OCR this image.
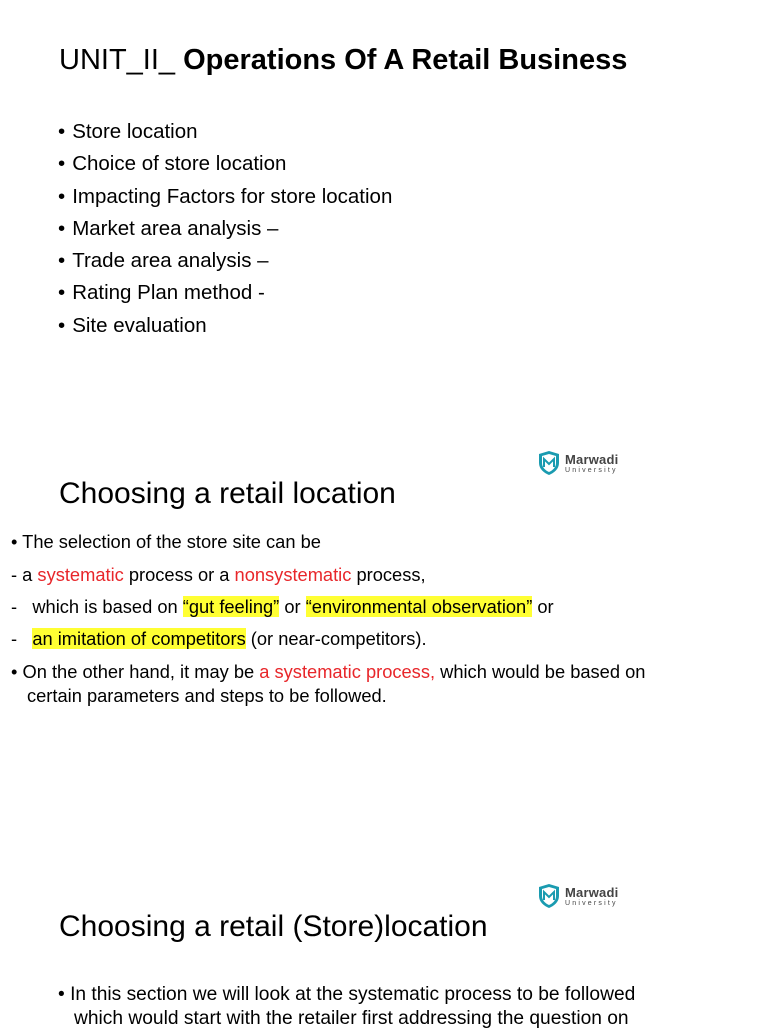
UNIT_II_ Operations Of A Retail Business
• Store location
• Choice of store location
• Impacting Factors for store location
• Market area analysis –
• Trade area analysis –
• Rating Plan method -
• Site evaluation
Marwadi
University
Choosing a retail location
• The selection of the store site can be
- a systematic process or a nonsystematic process,
-   which is based on “gut feeling” or “environmental observation” or
-   an imitation of competitors (or near-competitors).
• On the other hand, it may be a systematic process, which would be based on
certain parameters and steps to be followed.
Marwadi
University
Choosing a retail (Store)location
• In this section we will look at the systematic process to be followed
which would start with the retailer first addressing the question on
